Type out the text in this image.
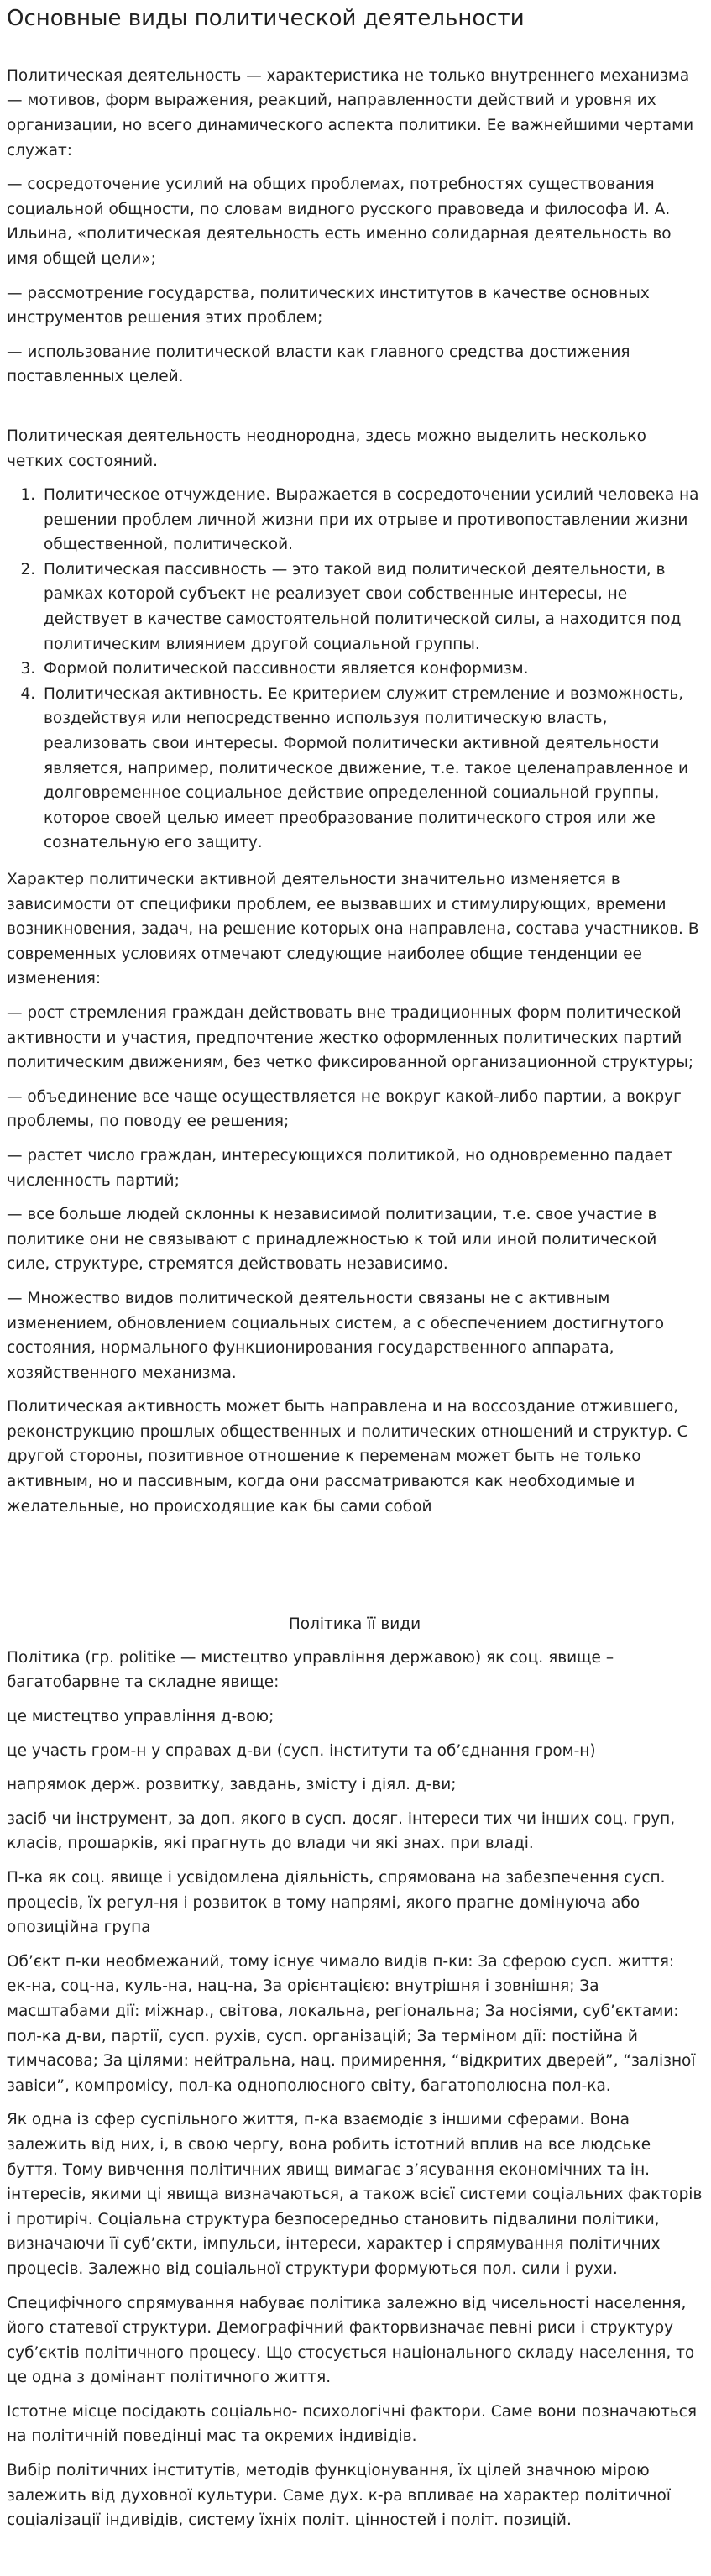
Основные виды политической деятельности

Политическая деятельность — характеристика не только внутреннего механизма — мотивов, форм выражения, реакций, направленности действий и уровня их организации, но всего динамического аспекта политики. Ее важнейшими чертами служат:

— сосредоточение усилий на общих проблемах, потребностях существования социальной общности, по словам видного русского правоведа и философа И. А. Ильина, «политическая деятельность есть именно солидарная деятельность во имя общей цели»;

— рассмотрение государства, политических институтов в качестве основных инструментов решения этих проблем;

— использование политической власти как главного средства достижения поставленных целей.

Политическая деятельность неоднородна, здесь можно выделить несколько четких состояний.

1. Политическое отчуждение. Выражается в сосредоточении усилий человека на решении проблем личной жизни при их отрыве и противопоставлении жизни общественной, политической.
2. Политическая пассивность — это такой вид политической деятельности, в рамках которой субъект не реализует свои собственные интересы, не действует в качестве самостоятельной политической силы, а находится под политическим влиянием другой социальной группы.
3. Формой политической пассивности является конформизм.
4. Политическая активность. Ее критерием служит стремление и возможность, воздействуя или непосредственно используя политическую власть, реализовать свои интересы. Формой политически активной деятельности является, например, политическое движение, т.е. такое целенаправленное и долговременное социальное действие определенной социальной группы, которое своей целью имеет преобразование политического строя или же сознательную его защиту.

Характер политически активной деятельности значительно изменяется в зависимости от специфики проблем, ее вызвавших и стимулирующих, времени возникновения, задач, на решение которых она направлена, состава участников. В современных условиях отмечают следующие наиболее общие тенденции ее изменения:

— рост стремления граждан действовать вне традиционных форм политической активности и участия, предпочтение жестко оформленных политических партий политическим движениям, без четко фиксированной организационной структуры;

— объединение все чаще осуществляется не вокруг какой-либо партии, а вокруг проблемы, по поводу ее решения;

— растет число граждан, интересующихся политикой, но одновременно падает численность партий;

— все больше людей склонны к независимой политизации, т.е. свое участие в политике они не связывают с принадлежностью к той или иной политической силе, структуре, стремятся действовать независимо.

— Множество видов политической деятельности связаны не с активным изменением, обновлением социальных систем, а с обеспечением достигнутого состояния, нормального функционирования государственного аппарата, хозяйственного механизма.

Политическая активность может быть направлена и на воссоздание отжившего, реконструкцию прошлых общественных и политических отношений и структур. С другой стороны, позитивное отношение к переменам может быть не только активным, но и пассивным, когда они рассматриваются как необходимые и желательные, но происходящие как бы сами собой

Політика її види

Політика (гр. politike — мистецтво управління державою) як соц. явище – багатобарвне та складне явище:

це мистецтво управління д-вою;

це участь гром-н у справах д-ви (сусп. інститути та об’єднання гром-н)

напрямок держ. розвитку, завдань, змісту і діял. д-ви;

засіб чи інструмент, за доп. якого в сусп. досяг. інтереси тих чи інших соц. груп, класів, прошарків, які прагнуть до влади чи які знах. при владі.

П-ка як соц. явище і усвідомлена діяльність, спрямована на забезпечення сусп. процесів, їх регул-ня і розвиток в тому напрямі, якого прагне домінуюча або опозиційна група

Об’єкт п-ки необмежаний, тому існує чимало видів п-ки: За сферою сусп. життя: ек-на, соц-на, куль-на, нац-на, За орієнтацією: внутрішня і зовнішня; За масштабами дії: міжнар., світова, локальна, регіональна; За носіями, суб’єктами: пол-ка д-ви, партії, сусп. рухів, сусп. організацій; За терміном дії: постійна й тимчасова; За цілями: нейтральна, нац. примирення, “відкритих дверей”, “залізної завіси”, компромісу, пол-ка однополюсного світу, багатополюсна пол-ка.

Як одна із сфер суспільного життя, п-ка взаємодіє з іншими сферами. Вона залежить від них, і, в свою чергу, вона робить істотний вплив на все людське буття. Тому вивчення політичних явищ вимагає з’ясування економічних та ін. інтересів, якими ці явища визначаються, а також всієї системи соціальних факторів і протиріч. Соціальна структура безпосередньо становить підвалини політики, визначаючи її суб’єкти, імпульси, інтереси, характер і спрямування політичних процесів. Залежно від соціальної структури формуються пол. сили і рухи.

Специфічного спрямування набуває політика залежно від чисельності населення, його статевої структури. Демографічний факторвизначає певні риси і структуру суб’єктів політичного процесу. Що стосується національного складу населення, то це одна з домінант політичного життя.

Істотне місце посідають соціально- психологічні фактори. Саме вони позначаються на політичній поведінці мас та окремих індивідів.

Вибір політичних інститутів, методів функціонування, їх цілей значною мірою залежить від духовної культури. Саме дух. к-ра впливає на характер політичної соціалізації індивідів, систему їхніх політ. цінностей і політ. позицій.
